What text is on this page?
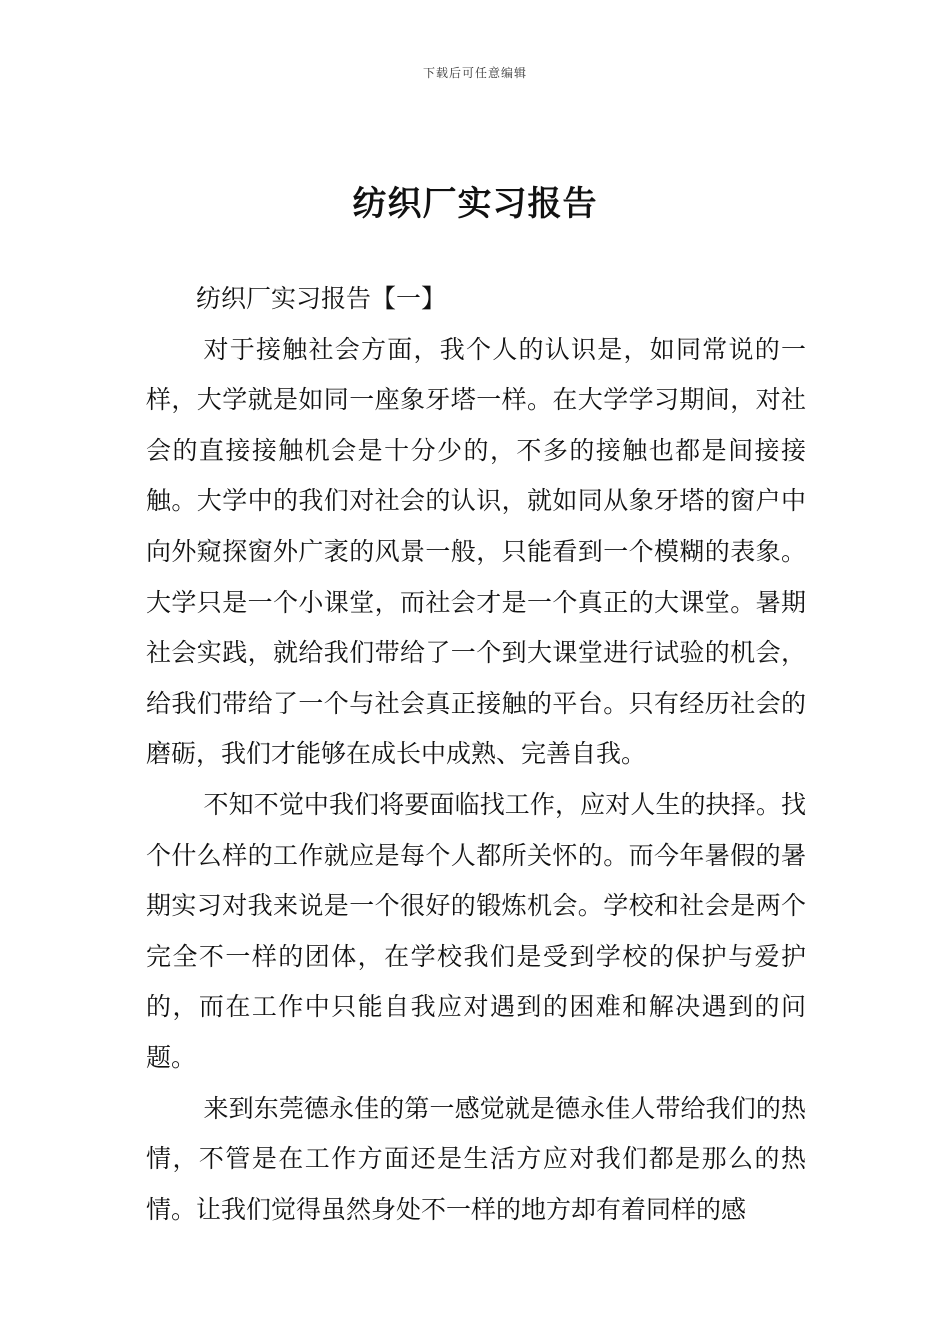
下载后可任意编辑
纺织厂实习报告
纺织厂实习报告【一】

对于接触社会方面，我个人的认识是，如同常说的一样，大学就是如同一座象牙塔一样。在大学学习期间，对社会的直接接触机会是十分少的，不多的接触也都是间接接触。大学中的我们对社会的认识，就如同从象牙塔的窗户中向外窥探窗外广袤的风景一般，只能看到一个模糊的表象。大学只是一个小课堂，而社会才是一个真正的大课堂。暑期社会实践，就给我们带给了一个到大课堂进行试验的机会，给我们带给了一个与社会真正接触的平台。只有经历社会的磨砺，我们才能够在成长中成熟、完善自我。

不知不觉中我们将要面临找工作，应对人生的抉择。找个什么样的工作就应是每个人都所关怀的。而今年暑假的暑期实习对我来说是一个很好的锻炼机会。学校和社会是两个完全不一样的团体，在学校我们是受到学校的保护与爱护的，而在工作中只能自我应对遇到的困难和解决遇到的问题。

来到东莞德永佳的第一感觉就是德永佳人带给我们的热情，不管是在工作方面还是生活方应对我们都是那么的热情。让我们觉得虽然身处不一样的地方却有着同样的感
